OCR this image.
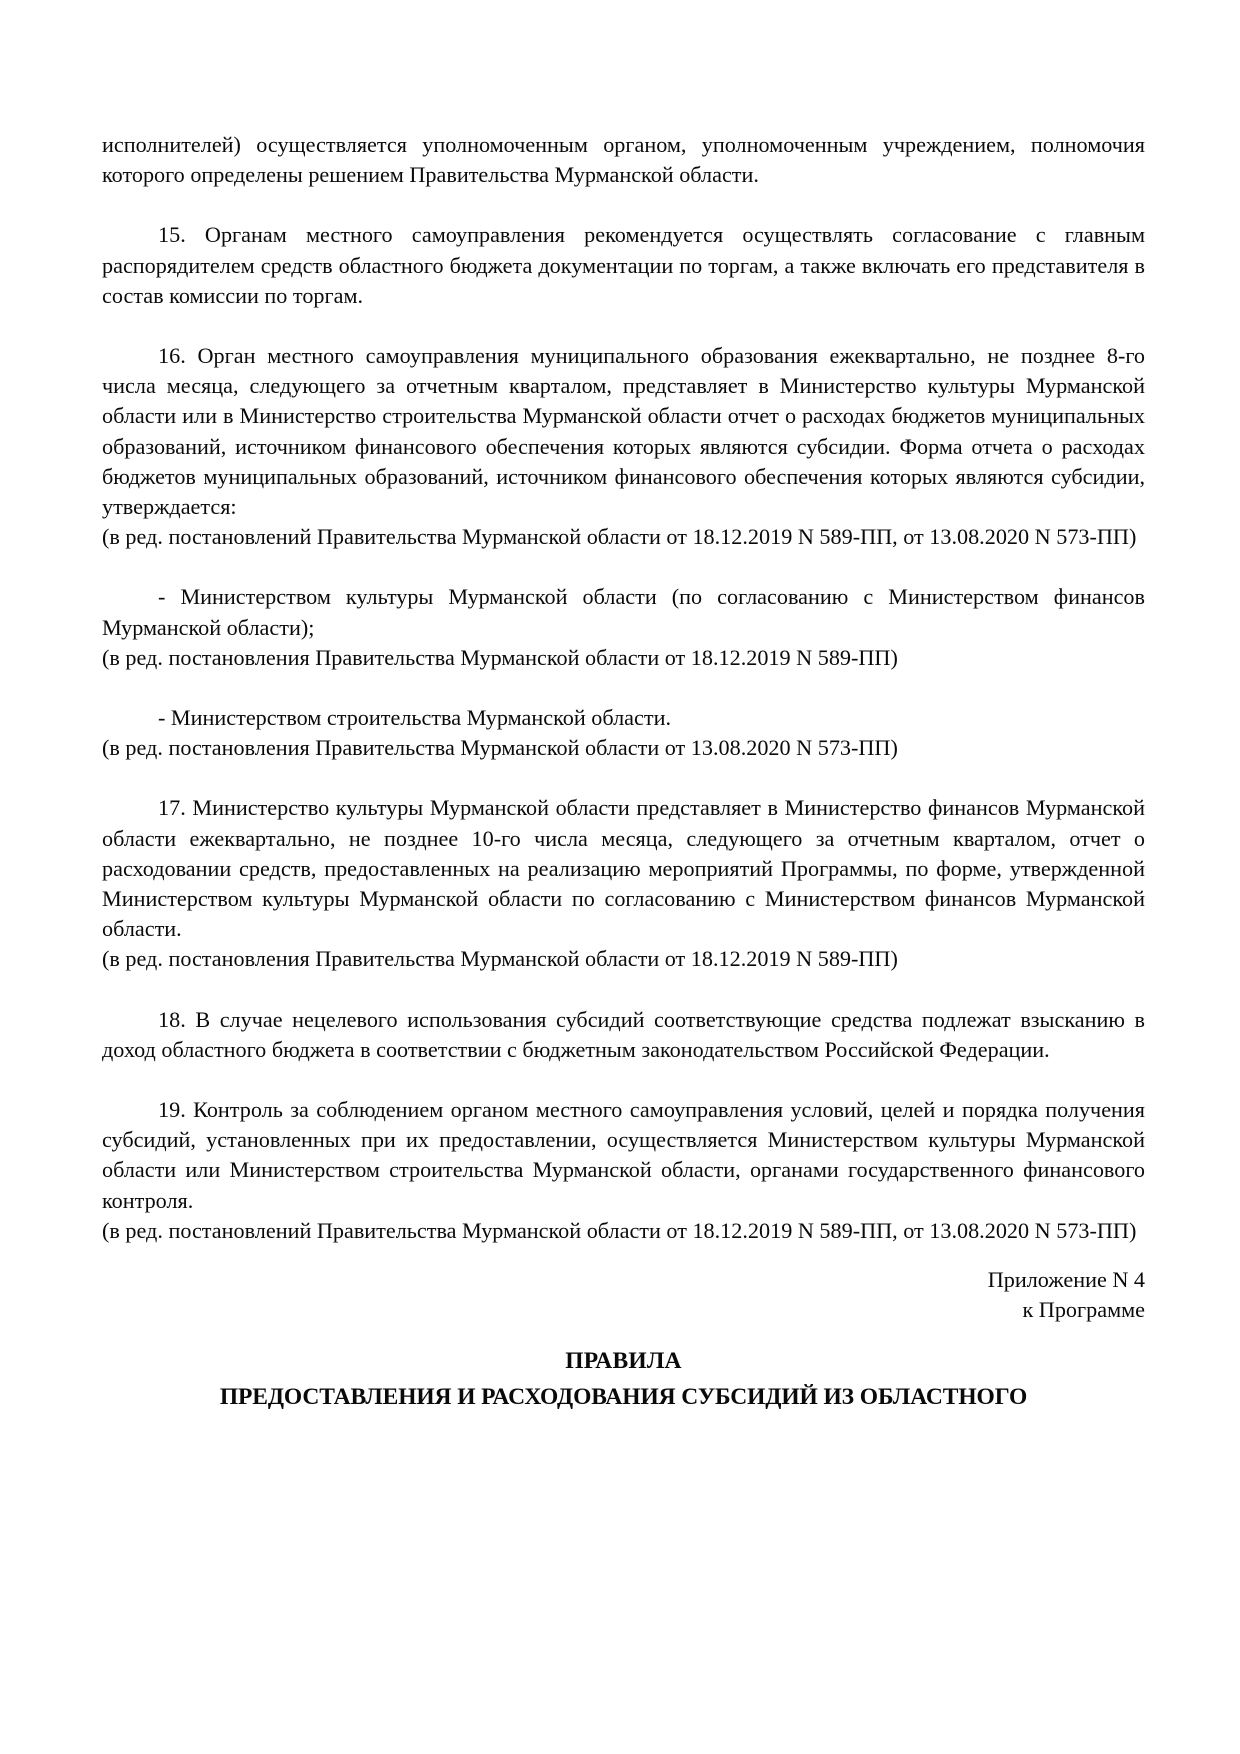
исполнителей) осуществляется уполномоченным органом, уполномоченным учреждением, полномочия которого определены решением Правительства Мурманской области.

15. Органам местного самоуправления рекомендуется осуществлять согласование с главным распорядителем средств областного бюджета документации по торгам, а также включать его представителя в состав комиссии по торгам.

16. Орган местного самоуправления муниципального образования ежеквартально, не позднее 8-го числа месяца, следующего за отчетным кварталом, представляет в Министерство культуры Мурманской области или в Министерство строительства Мурманской области отчет о расходах бюджетов муниципальных образований, источником финансового обеспечения которых являются субсидии. Форма отчета о расходах бюджетов муниципальных образований, источником финансового обеспечения которых являются субсидии, утверждается:

(в ред. постановлений Правительства Мурманской области от 18.12.2019 N 589-ПП, от 13.08.2020 N 573-ПП)

- Министерством культуры Мурманской области (по согласованию с Министерством финансов Мурманской области);

(в ред. постановления Правительства Мурманской области от 18.12.2019 N 589-ПП)

- Министерством строительства Мурманской области.

(в ред. постановления Правительства Мурманской области от 13.08.2020 N 573-ПП)

17. Министерство культуры Мурманской области представляет в Министерство финансов Мурманской области ежеквартально, не позднее 10-го числа месяца, следующего за отчетным кварталом, отчет о расходовании средств, предоставленных на реализацию мероприятий Программы, по форме, утвержденной Министерством культуры Мурманской области по согласованию с Министерством финансов Мурманской области.

(в ред. постановления Правительства Мурманской области от 18.12.2019 N 589-ПП)

18. В случае нецелевого использования субсидий соответствующие средства подлежат взысканию в доход областного бюджета в соответствии с бюджетным законодательством Российской Федерации.

19. Контроль за соблюдением органом местного самоуправления условий, целей и порядка получения субсидий, установленных при их предоставлении, осуществляется Министерством культуры Мурманской области или Министерством строительства Мурманской области, органами государственного финансового контроля.

(в ред. постановлений Правительства Мурманской области от 18.12.2019 N 589-ПП, от 13.08.2020 N 573-ПП)

Приложение N 4
к Программе
ПРАВИЛА
ПРЕДОСТАВЛЕНИЯ И РАСХОДОВАНИЯ СУБСИДИЙ ИЗ ОБЛАСТНОГО
